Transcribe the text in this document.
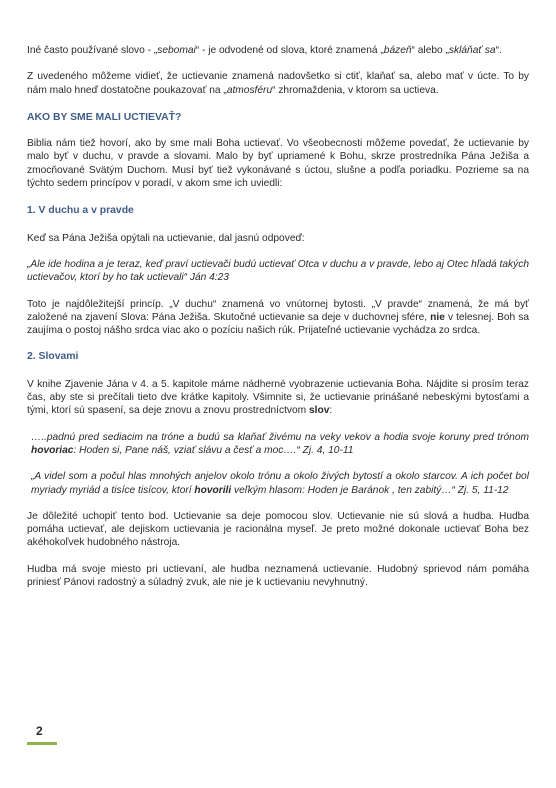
Iné často používané slovo - „sebomai“ - je odvodené od slova, ktoré znamená „bázeň“ alebo „skláňať sa“.

Z uvedeného môžeme vidieť, že uctievanie znamená nadovšetko si ctiť, klaňať sa, alebo mať v úcte. To by nám malo hneď dostatočne poukazovať na „atmosféru“ zhromaždenia, v ktorom sa uctieva.

AKO BY SME MALI UCTIEVAŤ?

Biblia nám tiež hovorí, ako by sme mali Boha uctievať. Vo všeobecnosti môžeme povedať, že uctievanie by malo byť v duchu, v pravde a slovami. Malo by byť upriamené k Bohu, skrze prostredníka Pána Ježiša a zmocňované Svätým Duchom. Musí byť tiež vykonávané s úctou, slušne a podľa poriadku. Pozrieme sa na týchto sedem princípov v poradí, v akom sme ich uviedli:

1. V duchu a v pravde

Keď sa Pána Ježiša opýtali na uctievanie, dal jasnú odpoveď:

„Ale ide hodina a je teraz, keď praví uctievači budú uctievať Otca v duchu a v pravde, lebo aj Otec hľadá takých uctievačov, ktorí by ho tak uctievali“ Ján 4:23

Toto je najdôležitejší princíp. „V duchu“ znamená vo vnútornej bytosti. „V pravde“ znamená, že má byť založené na zjavení Slova: Pána Ježiša. Skutočné uctievanie sa deje v duchovnej sfére, nie v telesnej. Boh sa zaujíma o postoj nášho srdca viac ako o pozíciu našich rúk. Prijateľné uctievanie vychádza zo srdca.

2. Slovami

V knihe Zjavenie Jána v 4. a 5. kapitole máme nádherné vyobrazenie uctievania Boha. Nájdite si prosím teraz čas, aby ste si prečítali tieto dve krátke kapitoly. Všimnite si, že uctievanie prinášané nebeskými bytosťami a tými, ktorí sú spasení, sa deje znovu a znovu prostredníctvom slov:

…..padnú pred sediacim na tróne a budú sa klaňať živému na veky vekov a hodia svoje koruny pred trónom hovoriac: Hoden si, Pane náš, vziať slávu a česť a moc….“ Zj. 4, 10-11

„A videl som a počul hlas mnohých anjelov okolo trónu a okolo živých bytostí a okolo starcov. A ich počet bol myriady myriád a tisíce tisícov, ktorí hovorili veľkým hlasom: Hoden je Baránok , ten zabitý…“ Zj. 5, 11-12

Je dôležité uchopiť tento bod. Uctievanie sa deje pomocou slov. Uctievanie nie sú slová a hudba. Hudba pomáha uctievať, ale dejiskom uctievania je racionálna myseľ. Je preto možné dokonale uctievať Boha bez akéhokoľvek hudobného nástroja.

Hudba má svoje miesto pri uctievaní, ale hudba neznamená uctievanie. Hudobný sprievod nám pomáha priniesť Pánovi radostný a súladný zvuk, ale nie je k uctievaniu nevyhnutný.

2
